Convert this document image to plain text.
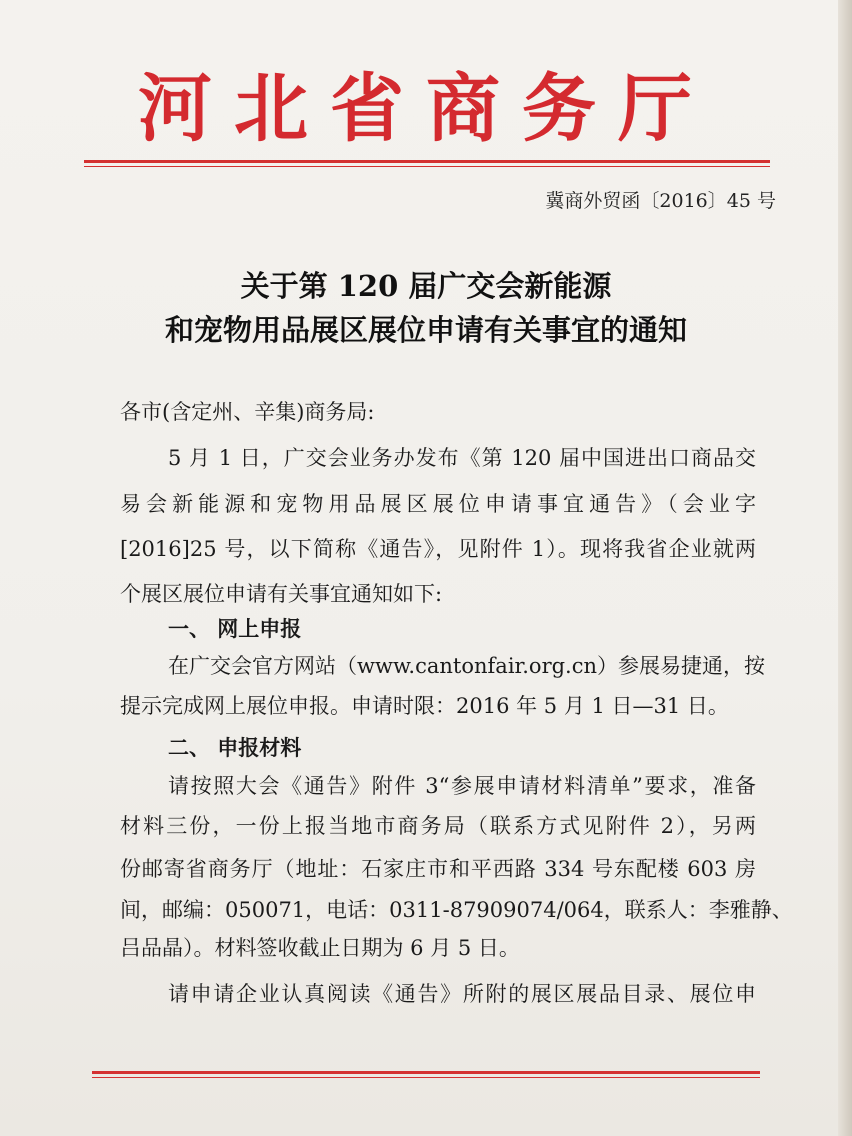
河北省商务厅
冀商外贸函〔2016〕45 号
关于第 120 届广交会新能源
和宠物用品展区展位申请有关事宜的通知
各市(含定州、辛集)商务局:
5 月 1 日，广交会业务办发布《第 120 届中国进出口商品交
易会新能源和宠物用品展区展位申请事宜通告》（会业字
[2016]25 号，以下简称《通告》，见附件 1）。现将我省企业就两
个展区展位申请有关事宜通知如下:
一、 网上申报
在广交会官方网站（www.cantonfair.org.cn）参展易捷通，按
提示完成网上展位申报。申请时限：2016 年 5 月 1 日—31 日。
二、 申报材料
请按照大会《通告》附件 3“参展申请材料清单”要求，准备
材料三份，一份上报当地市商务局（联系方式见附件 2），另两
份邮寄省商务厅（地址：石家庄市和平西路 334 号东配楼 603 房
间，邮编：050071，电话：0311-87909074/064，联系人：李雅静、
吕品晶）。材料签收截止日期为 6 月 5 日。
请申请企业认真阅读《通告》所附的展区展品目录、展位申
